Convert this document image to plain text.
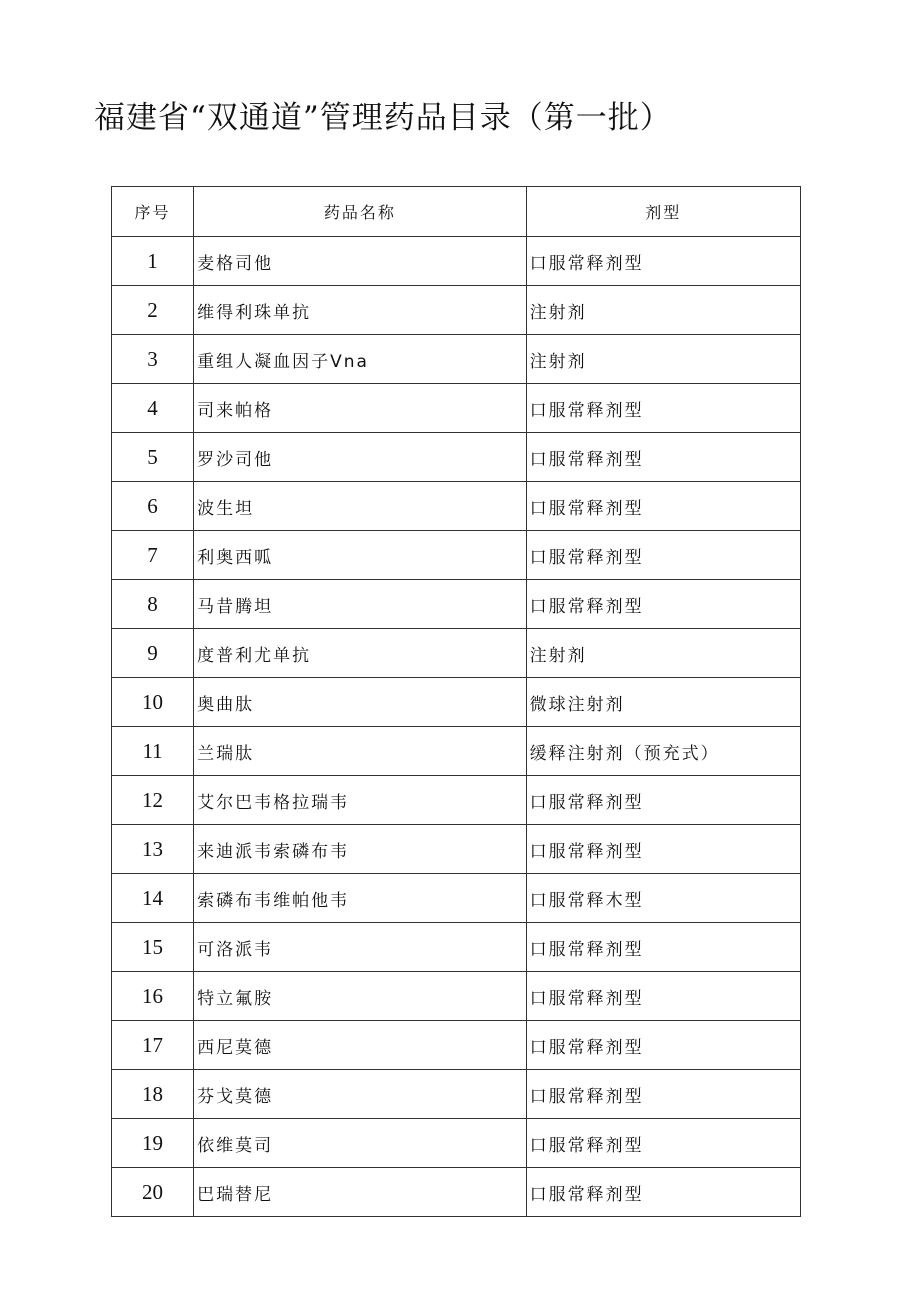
福建省“双通道”管理药品目录（第一批）
序号	药品名称	剂型
1	麦格司他	口服常释剂型
2	维得利珠单抗	注射剂
3	重组人凝血因子Vna	注射剂
4	司来帕格	口服常释剂型
5	罗沙司他	口服常释剂型
6	波生坦	口服常释剂型
7	利奥西呱	口服常释剂型
8	马昔腾坦	口服常释剂型
9	度普利尤单抗	注射剂
10	奥曲肽	微球注射剂
11	兰瑞肽	缓释注射剂（预充式）
12	艾尔巴韦格拉瑞韦	口服常释剂型
13	来迪派韦索磷布韦	口服常释剂型
14	索磷布韦维帕他韦	口服常释木型
15	可洛派韦	口服常释剂型
16	特立氟胺	口服常释剂型
17	西尼莫德	口服常释剂型
18	芬戈莫德	口服常释剂型
19	依维莫司	口服常释剂型
20	巴瑞替尼	口服常释剂型
